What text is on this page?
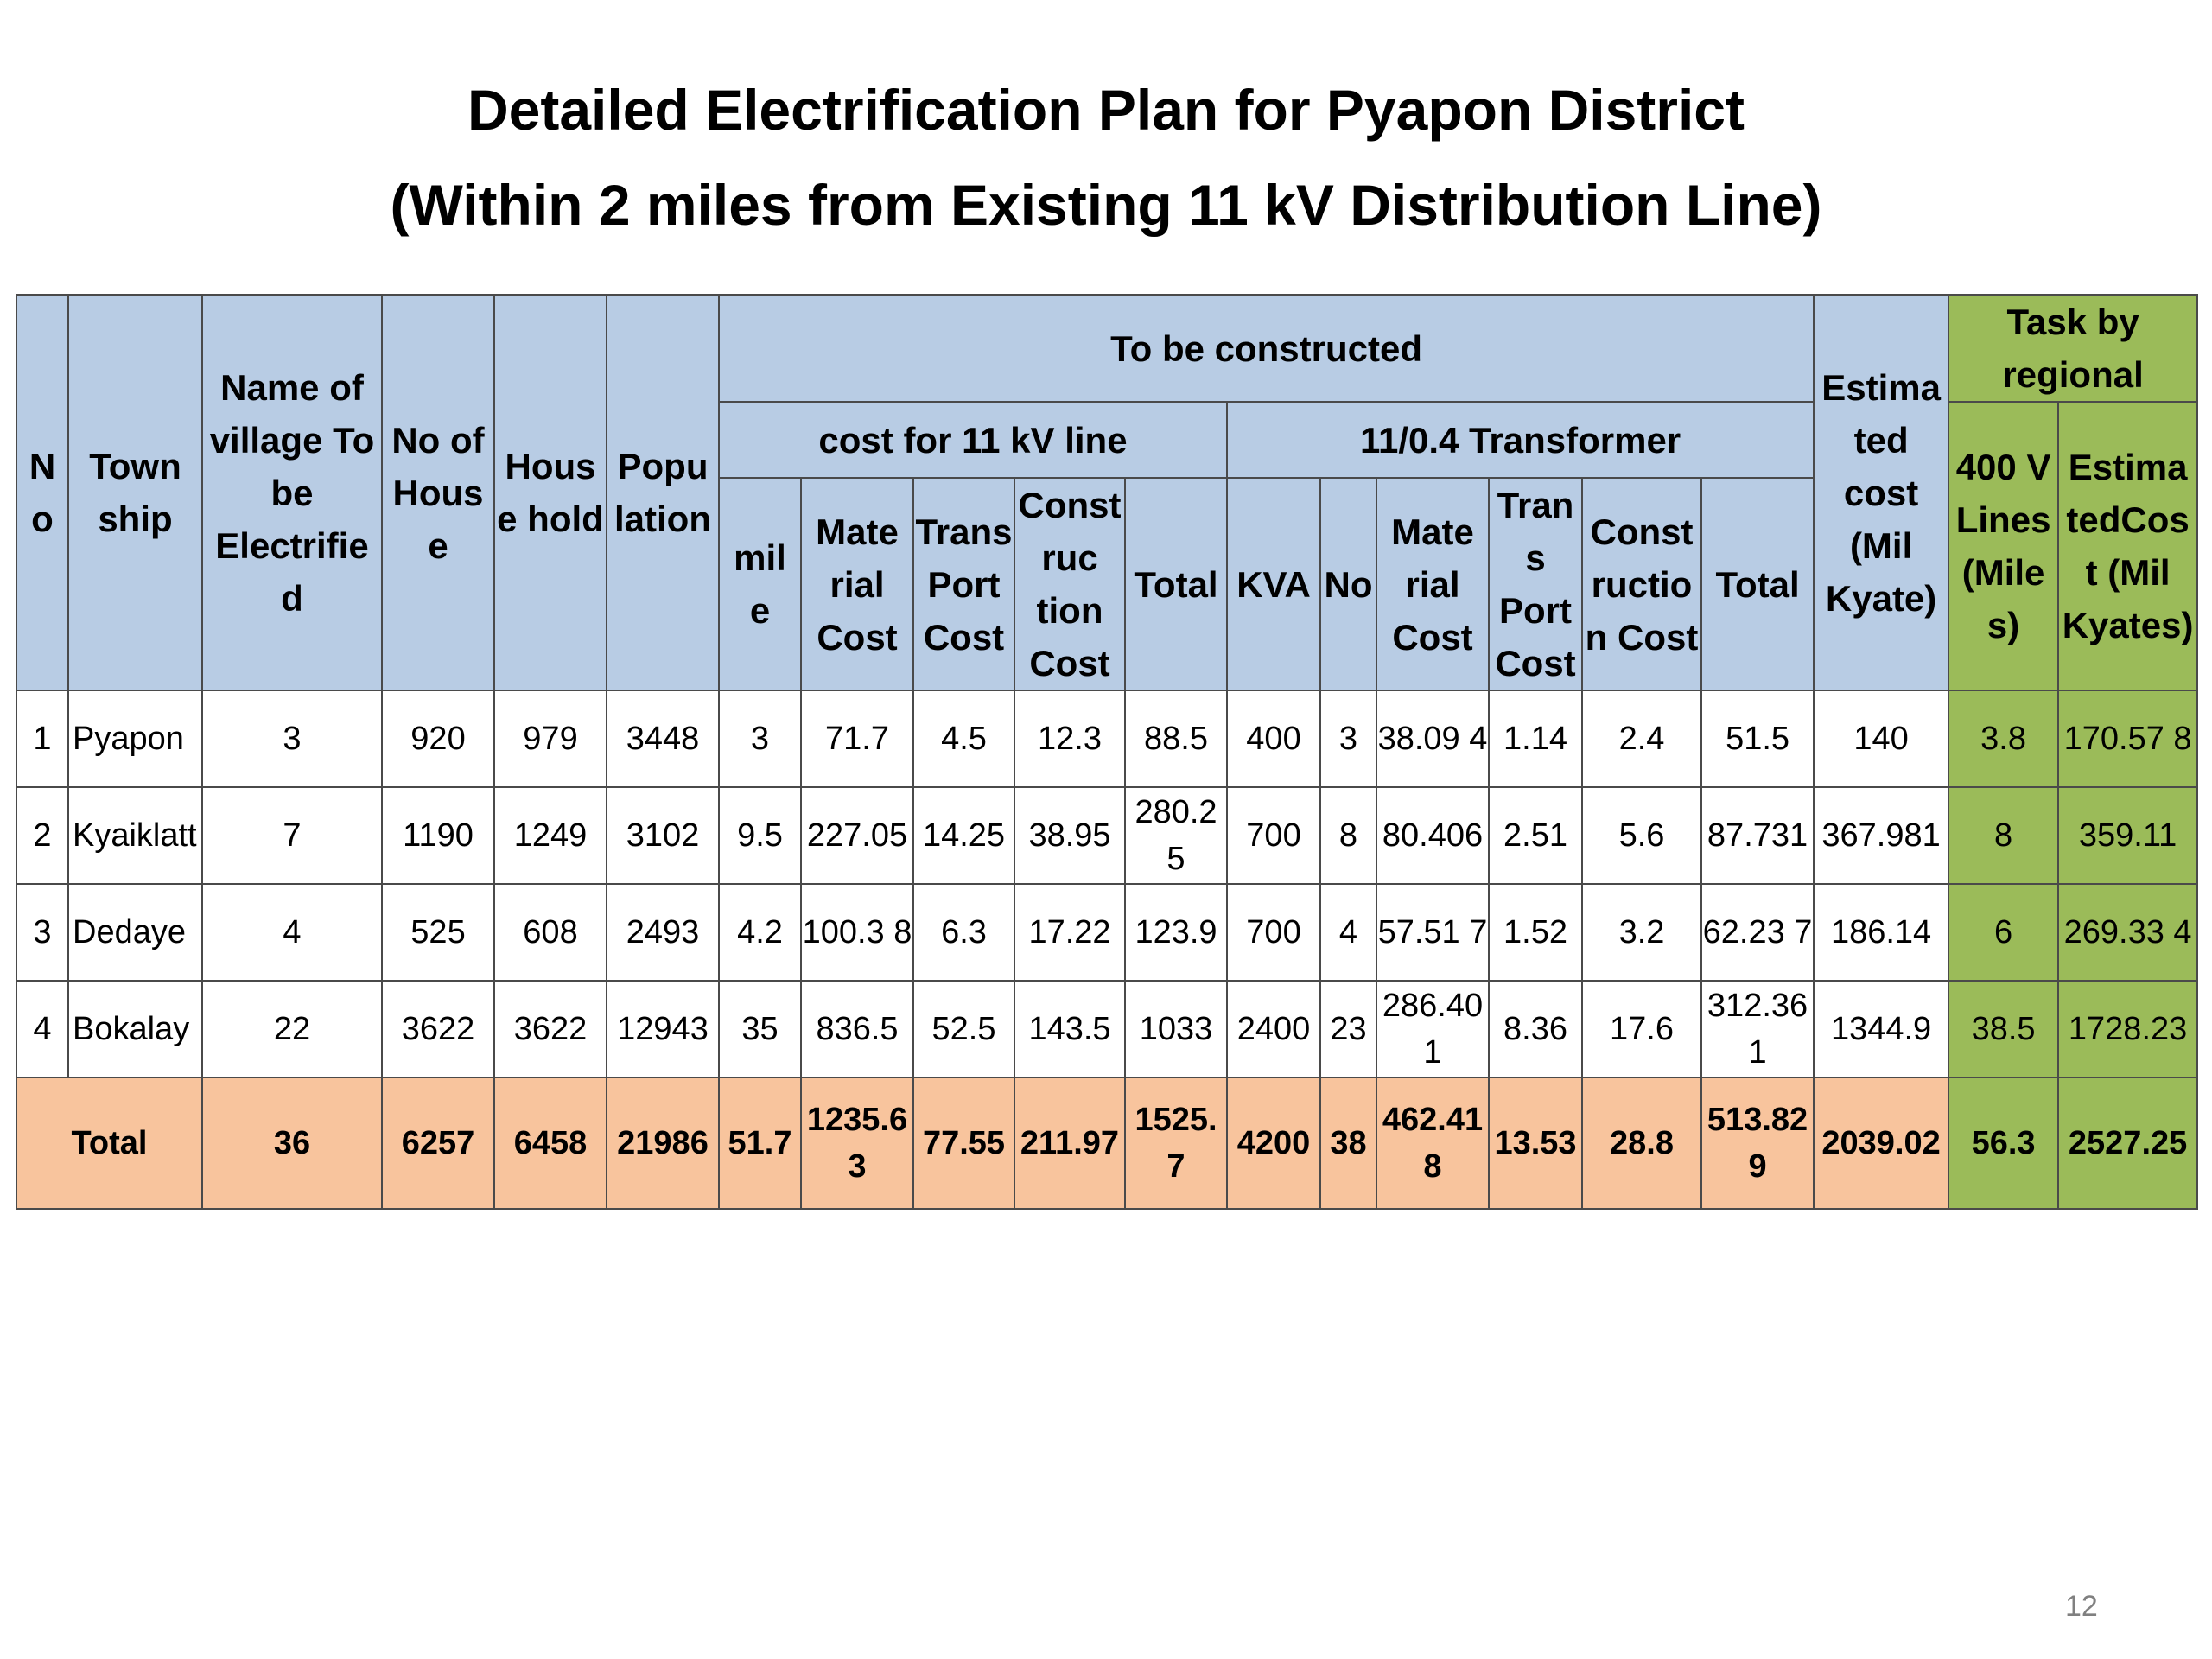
Detailed Electrification Plan for Pyapon District
(Within 2 miles from Existing 11 kV Distribution Line)
N o	Town ship	Name of village To be Electrifie d	No of Hous e	Hous e hold	Popu lation	To be constructed											Estima ted cost (Mil Kyate)	Task by regional	
						cost for 11 kV line					11/0.4 Transformer							400 V Lines (Mile s)	Estima tedCos t (Mil Kyates)
						mil e	Mate rial Cost	Trans Port Cost	Const ruc tion Cost	Total	KVA	No	Mate rial Cost	Tran s Port Cost	Const ructio n Cost	Total			
1	Pyapon	3	920	979	3448	3	71.7	4.5	12.3	88.5	400	3	38.09 4	1.14	2.4	51.5	140	3.8	170.57 8
2	Kyaiklatt	7	1190	1249	3102	9.5	227.05	14.25	38.95	280.2 5	700	8	80.406	2.51	5.6	87.731	367.981	8	359.11
3	Dedaye	4	525	608	2493	4.2	100.3 8	6.3	17.22	123.9	700	4	57.51 7	1.52	3.2	62.23 7	186.14	6	269.33 4
4	Bokalay	22	3622	3622	12943	35	836.5	52.5	143.5	1033	2400	23	286.40 1	8.36	17.6	312.36 1	1344.9	38.5	1728.23
Total		36	6257	6458	21986	51.7	1235.6 3	77.55	211.97	1525. 7	4200	38	462.41 8	13.53	28.8	513.82 9	2039.02	56.3	2527.25
12
